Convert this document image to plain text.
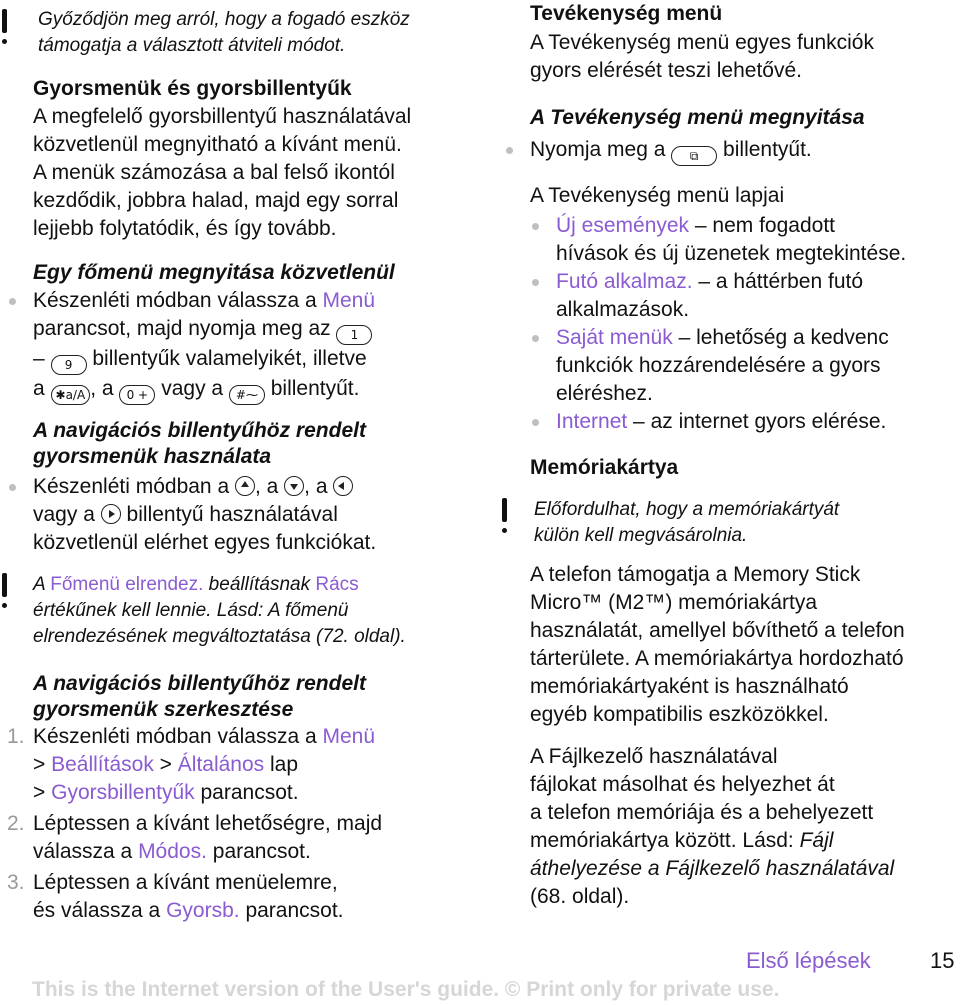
Győződjön meg arról, hogy a fogadó eszköz támogatja a választott átviteli módot.
Gyorsmenük és gyorsbillentyűk

A megfelelő gyorsbillentyű használatával

közvetlenül megnyitható a kívánt menü.

A menük számozása a bal felső ikontól

kezdődik, jobbra halad, majd egy sorral

lejjebb folytatódik, és így tovább.

Egy főmenü megnyitása közvetlenül

Készenléti módban válassza a Menü

parancsot, majd nyomja meg az 1

– 9 billentyűk valamelyikét, illetve

a ✱a/A , a 0 + vagy a #⁓ billentyűt.

A navigációs billentyűhöz rendelt

gyorsmenük használata

Készenléti módban a , a , a

vagy a  billentyű használatával

közvetlenül elérhet egyes funkciókat.

A Főmenü elrendez. beállításnak Rács

értékűnek kell lennie. Lásd: A főmenü

elrendezésének megváltoztatása (72. oldal).

A navigációs billentyűhöz rendelt

gyorsmenük szerkesztése

1. Készenléti módban válassza a Menü

> Beállítások > Általános lap

> Gyorsbillentyűk parancsot.

2. Léptessen a kívánt lehetőségre, majd

válassza a Módos. parancsot.

3. Léptessen a kívánt menüelemre,

és válassza a Gyorsb. parancsot.

Tevékenység menü

A Tevékenység menü egyes funkciók

gyors elérését teszi lehetővé.

A Tevékenység menü megnyitása

Nyomja meg a ⧉ billentyűt.

A Tevékenység menü lapjai

Új események – nem fogadott

hívások és új üzenetek megtekintése.

Futó alkalmaz. – a háttérben futó

alkalmazások.

Saját menük – lehetőség a kedvenc

funkciók hozzárendelésére a gyors

eléréshez.

Internet – az internet gyors elérése.

Memóriakártya

Előfordulhat, hogy a memóriakártyát

külön kell megvásárolnia.

A telefon támogatja a Memory Stick

Micro™ (M2™) memóriakártya

használatát, amellyel bővíthető a telefon

tárterülete. A memóriakártya hordozható

memóriakártyaként is használható

egyéb kompatibilis eszközökkel.

A Fájlkezelő használatával

fájlokat másolhat és helyezhet át

a telefon memóriája és a behelyezett

memóriakártya között. Lásd: Fájl

áthelyezése a Fájlkezelő használatával

(68. oldal).

Első lépések	15
This is the Internet version of the User's guide. © Print only for private use.
